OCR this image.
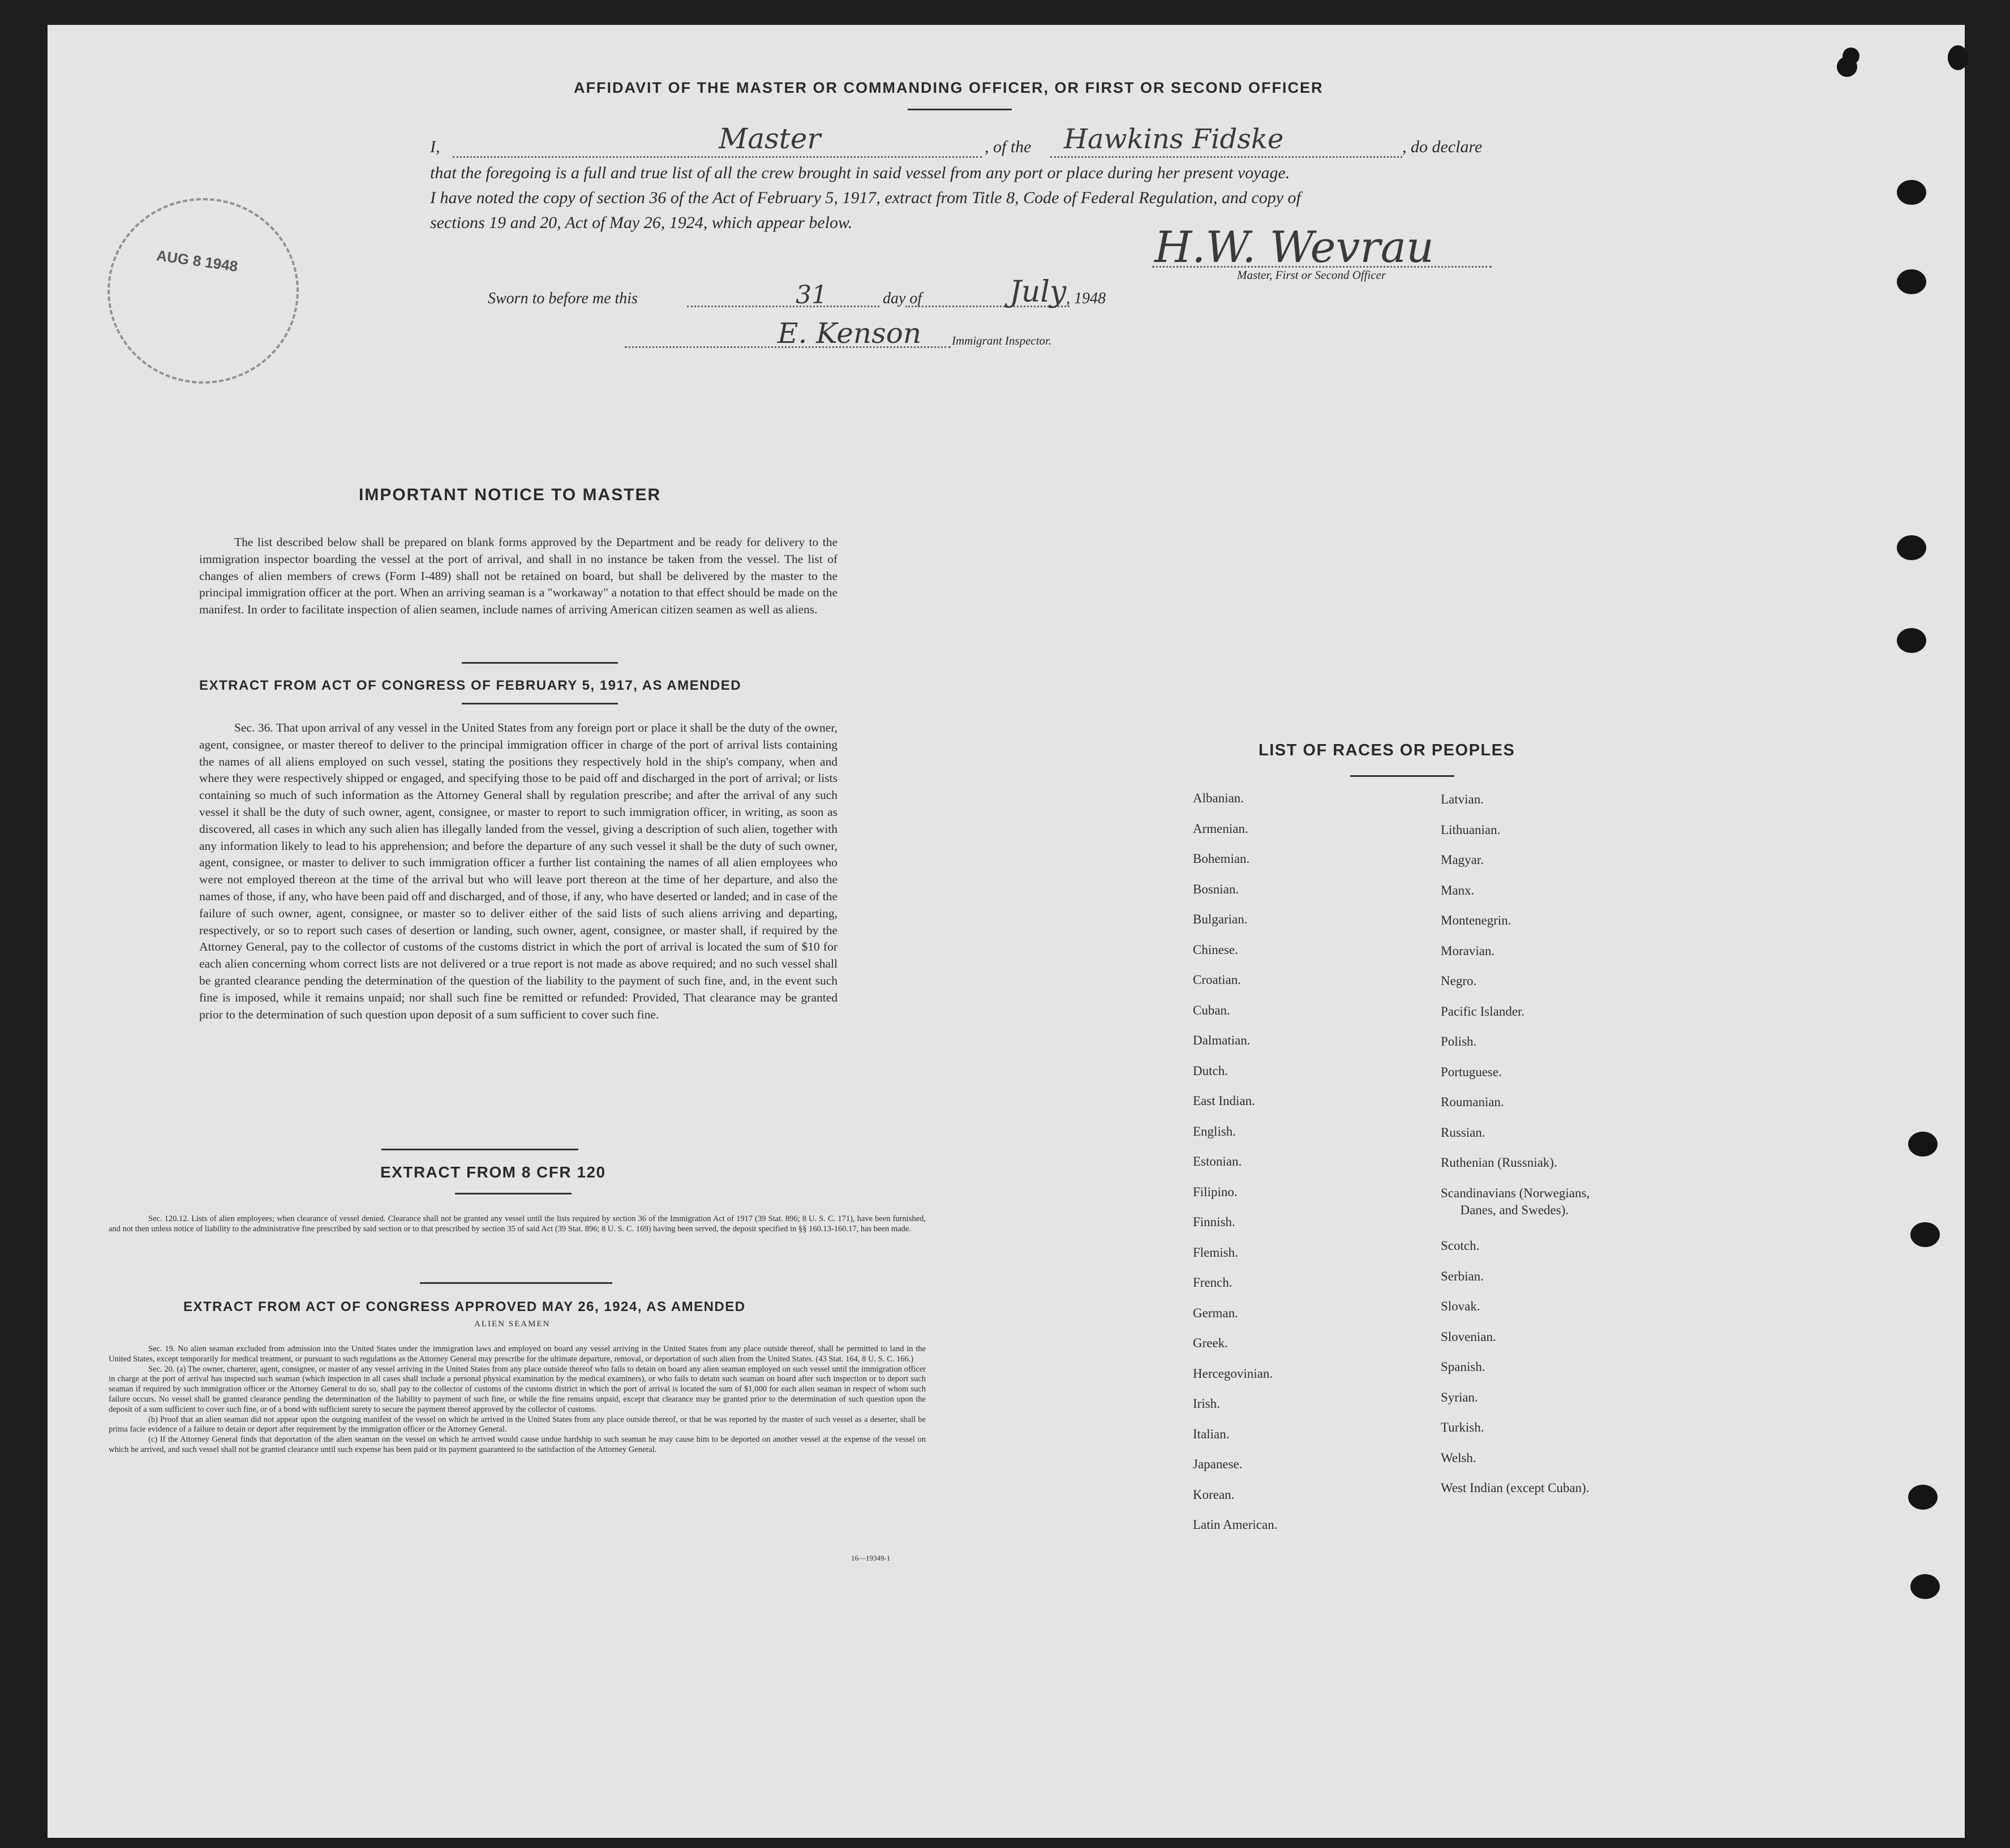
AUG 8 1948
AFFIDAVIT OF THE MASTER OR COMMANDING OFFICER, OR FIRST OR SECOND OFFICER
I,	Master	, of the Hawkins Fidske	, do declare
that the foregoing is a full and true list of all the crew brought in said vessel from any port or place during her present voyage.
I have noted the copy of section 36 of the Act of February 5, 1917, extract from Title 8, Code of Federal Regulation, and copy of
sections 19 and 20, Act of May 26, 1924, which appear below.	H.W. Wevrau
Master, First or Second Officer
Sworn to before me this	31	day of	July , 1948
E. Kenson	Immigrant Inspector.
IMPORTANT NOTICE TO MASTER
The list described below shall be prepared on blank forms approved by the Department and be ready for delivery to the immigration inspector boarding the vessel at the port of arrival, and shall in no instance be taken from the vessel. The list of changes of alien members of crews (Form I-489) shall not be retained on board, but shall be delivered by the master to the principal immigration officer at the port. When an arriving seaman is a "workaway" a notation to that effect should be made on the manifest. In order to facilitate inspection of alien seamen, include names of arriving American citizen seamen as well as aliens.
EXTRACT FROM ACT OF CONGRESS OF FEBRUARY 5, 1917, AS AMENDED
Sec. 36. That upon arrival of any vessel in the United States from any foreign port or place it shall be the duty of the owner, agent, consignee, or master thereof to deliver to the principal immigration officer in charge of the port of arrival lists containing the names of all aliens employed on such vessel, stating the positions they respectively hold in the ship's company, when and where they were respectively shipped or engaged, and specifying those to be paid off and discharged in the port of arrival; or lists containing so much of such information as the Attorney General shall by regulation prescribe; and after the arrival of any such vessel it shall be the duty of such owner, agent, consignee, or master to report to such immigration officer, in writing, as soon as discovered, all cases in which any such alien has illegally landed from the vessel, giving a description of such alien, together with any information likely to lead to his apprehension; and before the departure of any such vessel it shall be the duty of such owner, agent, consignee, or master to deliver to such immigration officer a further list containing the names of all alien employees who were not employed thereon at the time of the arrival but who will leave port thereon at the time of her departure, and also the names of those, if any, who have been paid off and discharged, and of those, if any, who have deserted or landed; and in case of the failure of such owner, agent, consignee, or master so to deliver either of the said lists of such aliens arriving and departing, respectively, or so to report such cases of desertion or landing, such owner, agent, consignee, or master shall, if required by the Attorney General, pay to the collector of customs of the customs district in which the port of arrival is located the sum of $10 for each alien concerning whom correct lists are not delivered or a true report is not made as above required; and no such vessel shall be granted clearance pending the determination of the question of the liability to the payment of such fine, and, in the event such fine is imposed, while it remains unpaid; nor shall such fine be remitted or refunded: Provided, That clearance may be granted prior to the determination of such question upon deposit of a sum sufficient to cover such fine.
EXTRACT FROM 8 CFR 120
Sec. 120.12. Lists of alien employees; when clearance of vessel denied. Clearance shall not be granted any vessel until the lists required by section 36 of the Immigration Act of 1917 (39 Stat. 896; 8 U. S. C. 171), have been furnished, and not then unless notice of liability to the administrative fine prescribed by said section or to that prescribed by section 35 of said Act (39 Stat. 896; 8 U. S. C. 169) having been served, the deposit specified in §§ 160.13-160.17, has been made.
EXTRACT FROM ACT OF CONGRESS APPROVED MAY 26, 1924, AS AMENDED
ALIEN SEAMEN

Sec. 19. No alien seaman excluded from admission into the United States under the immigration laws and employed on board any vessel arriving in the United States from any place outside thereof, shall be permitted to land in the United States, except temporarily for medical treatment, or pursuant to such regulations as the Attorney General may prescribe for the ultimate departure, removal, or deportation of such alien from the United States. (43 Stat. 164, 8 U. S. C. 166.)

Sec. 20. (a) The owner, charterer, agent, consignee, or master of any vessel arriving in the United States from any place outside thereof who fails to detain on board any alien seaman employed on such vessel until the immigration officer in charge at the port of arrival has inspected such seaman (which inspection in all cases shall include a personal physical examination by the medical examiners), or who fails to detain such seaman on board after such inspection or to deport such seaman if required by such immigration officer or the Attorney General to do so, shall pay to the collector of customs of the customs district in which the port of arrival is located the sum of $1,000 for each alien seaman in respect of whom such failure occurs. No vessel shall be granted clearance pending the determination of the liability to payment of such fine, or while the fine remains unpaid, except that clearance may be granted prior to the determination of such question upon the deposit of a sum sufficient to cover such fine, or of a bond with sufficient surety to secure the payment thereof approved by the collector of customs.

(b) Proof that an alien seaman did not appear upon the outgoing manifest of the vessel on which he arrived in the United States from any place outside thereof, or that he was reported by the master of such vessel as a deserter, shall be prima facie evidence of a failure to detain or deport after requirement by the immigration officer or the Attorney General.

(c) If the Attorney General finds that deportation of the alien seaman on the vessel on which he arrived would cause undue hardship to such seaman he may cause him to be deported on another vessel at the expense of the vessel on which he arrived, and such vessel shall not be granted clearance until such expense has been paid or its payment guaranteed to the satisfaction of the Attorney General.

16—19349-1
LIST OF RACES OR PEOPLES
Albanian.
Armenian.
Bohemian.
Bosnian.
Bulgarian.
Chinese.
Croatian.
Cuban.
Dalmatian.
Dutch.
East Indian.
English.
Estonian.
Filipino.
Finnish.
Flemish.
French.
German.
Greek.
Hercegovinian.
Irish.
Italian.
Japanese.
Korean.
Latin American.
Latvian.
Lithuanian.
Magyar.
Manx.
Montenegrin.
Moravian.
Negro.
Pacific Islander.
Polish.
Portuguese.
Roumanian.
Russian.
Ruthenian (Russniak).
Scandinavians (Norwegians,
Danes, and Swedes).
Scotch.
Serbian.
Slovak.
Slovenian.
Spanish.
Syrian.
Turkish.
Welsh.
West Indian (except Cuban).
